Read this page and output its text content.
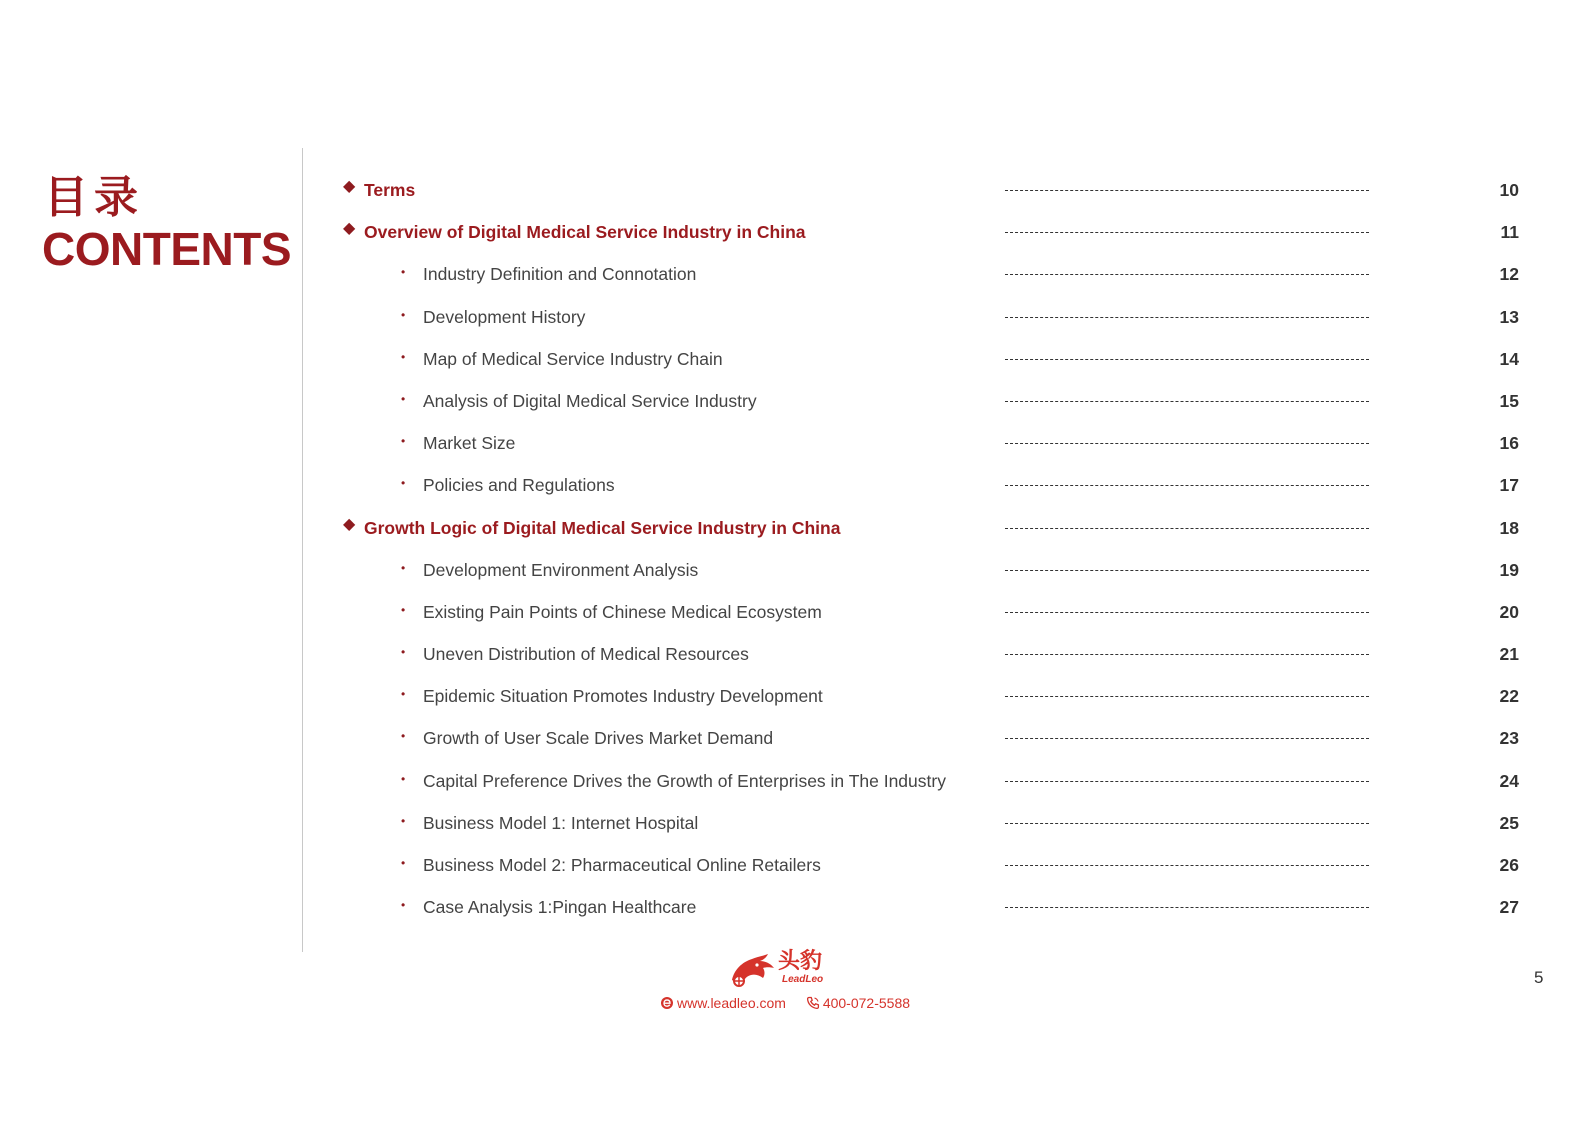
目录
CONTENTS
◆ Terms	10
◆ Overview of Digital Medical Service Industry in China	11
• Industry Definition and Connotation	12
• Development History	13
• Map of Medical Service Industry Chain	14
• Analysis of Digital Medical Service Industry	15
• Market Size	16
• Policies and Regulations	17
◆ Growth Logic of Digital Medical Service Industry in China	18
• Development Environment Analysis	19
• Existing Pain Points of Chinese Medical Ecosystem	20
• Uneven Distribution of Medical Resources	21
• Epidemic Situation Promotes Industry Development	22
• Growth of User Scale Drives Market Demand	23
• Capital Preference Drives the Growth of Enterprises in The Industry	24
• Business Model 1: Internet Hospital	25
• Business Model 2: Pharmaceutical Online Retailers	26
• Case Analysis 1:Pingan Healthcare	27
头豹
LeadLeo
www.leadleo.com
	400-072-5588
5
